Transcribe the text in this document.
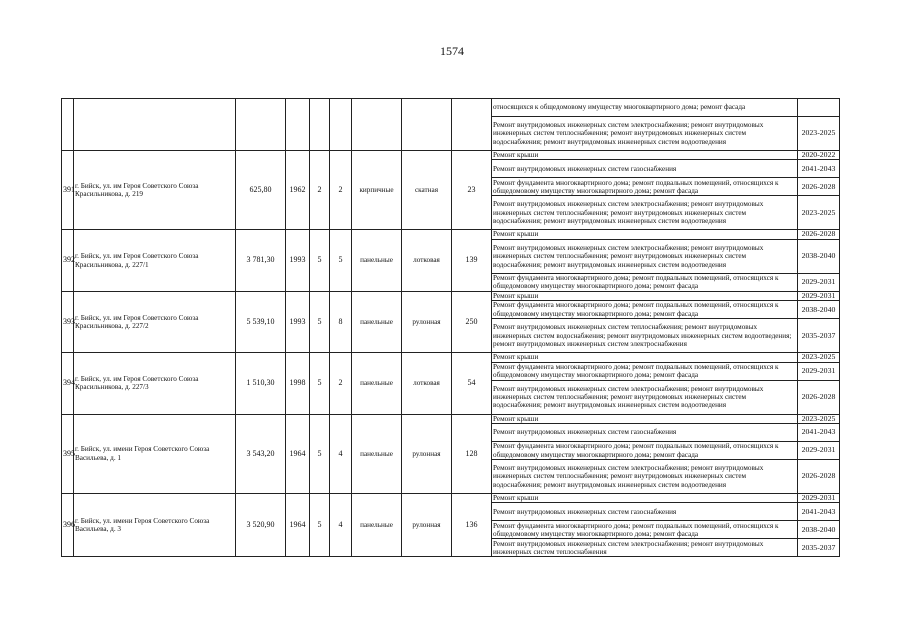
1574
									относящихся к общедомовому имуществу многоквартирного дома; ремонт фасада	
									Ремонт внутридомовых инженерных систем электроснабжения; ремонт внутридомовых инженерных систем теплоснабжения; ремонт внутридомовых инженерных систем водоснабжения; ремонт внутридомовых инженерных систем водоотведения	2023-2025
391	г. Бийск, ул. им Героя Советского Союза Красильникова, д. 219	625,80	1962	2	2	кирпичные	скатная	23	Ремонт крыши	2020-2022
									Ремонт внутридомовых инженерных систем газоснабжения	2041-2043
									Ремонт фундамента многоквартирного дома; ремонт подвальных помещений, относящихся к общедомовому имуществу многоквартирного дома; ремонт фасада	2026-2028
									Ремонт внутридомовых инженерных систем электроснабжения; ремонт внутридомовых инженерных систем теплоснабжения; ремонт внутридомовых инженерных систем водоснабжения; ремонт внутридомовых инженерных систем водоотведения	2023-2025
392	г. Бийск, ул. им Героя Советского Союза Красильникова, д. 227/1	3 781,30	1993	5	5	панельные	лотковая	139	Ремонт крыши	2026-2028
									Ремонт внутридомовых инженерных систем электроснабжения; ремонт внутридомовых инженерных систем теплоснабжения; ремонт внутридомовых инженерных систем водоснабжения; ремонт внутридомовых инженерных систем водоотведения	2038-2040
									Ремонт фундамента многоквартирного дома; ремонт подвальных помещений, относящихся к общедомовому имуществу многоквартирного дома; ремонт фасада	2029-2031
393	г. Бийск, ул. им Героя Советского Союза Красильникова, д. 227/2	5 539,10	1993	5	8	панельные	рулонная	250	Ремонт крыши	2029-2031
									Ремонт фундамента многоквартирного дома; ремонт подвальных помещений, относящихся к общедомовому имуществу многоквартирного дома; ремонт фасада	2038-2040
									Ремонт внутридомовых инженерных систем теплоснабжения; ремонт внутридомовых инженерных систем водоснабжения; ремонт внутридомовых инженерных систем водоотведения; ремонт внутридомовых инженерных систем электроснабжения	2035-2037
394	г. Бийск, ул. им Героя Советского Союза Красильникова, д. 227/3	1 510,30	1998	5	2	панельные	лотковая	54	Ремонт крыши	2023-2025
									Ремонт фундамента многоквартирного дома; ремонт подвальных помещений, относящихся к общедомовому имуществу многоквартирного дома; ремонт фасада	2029-2031
									Ремонт внутридомовых инженерных систем электроснабжения; ремонт внутридомовых инженерных систем теплоснабжения; ремонт внутридомовых инженерных систем водоснабжения; ремонт внутридомовых инженерных систем водоотведения	2026-2028
395	г. Бийск, ул. имени Героя Советского Союза Васильева, д. 1	3 543,20	1964	5	4	панельные	рулонная	128	Ремонт крыши	2023-2025
									Ремонт внутридомовых инженерных систем газоснабжения	2041-2043
									Ремонт фундамента многоквартирного дома; ремонт подвальных помещений, относящихся к общедомовому имуществу многоквартирного дома; ремонт фасада	2029-2031
									Ремонт внутридомовых инженерных систем электроснабжения; ремонт внутридомовых инженерных систем теплоснабжения; ремонт внутридомовых инженерных систем водоснабжения; ремонт внутридомовых инженерных систем водоотведения	2026-2028
396	г. Бийск, ул. имени Героя Советского Союза Васильева, д. 3	3 520,90	1964	5	4	панельные	рулонная	136	Ремонт крыши	2029-2031
									Ремонт внутридомовых инженерных систем газоснабжения	2041-2043
									Ремонт фундамента многоквартирного дома; ремонт подвальных помещений, относящихся к общедомовому имуществу многоквартирного дома; ремонт фасада	2038-2040
									Ремонт внутридомовых инженерных систем электроснабжения; ремонт внутридомовых инженерных систем теплоснабжения	2035-2037
